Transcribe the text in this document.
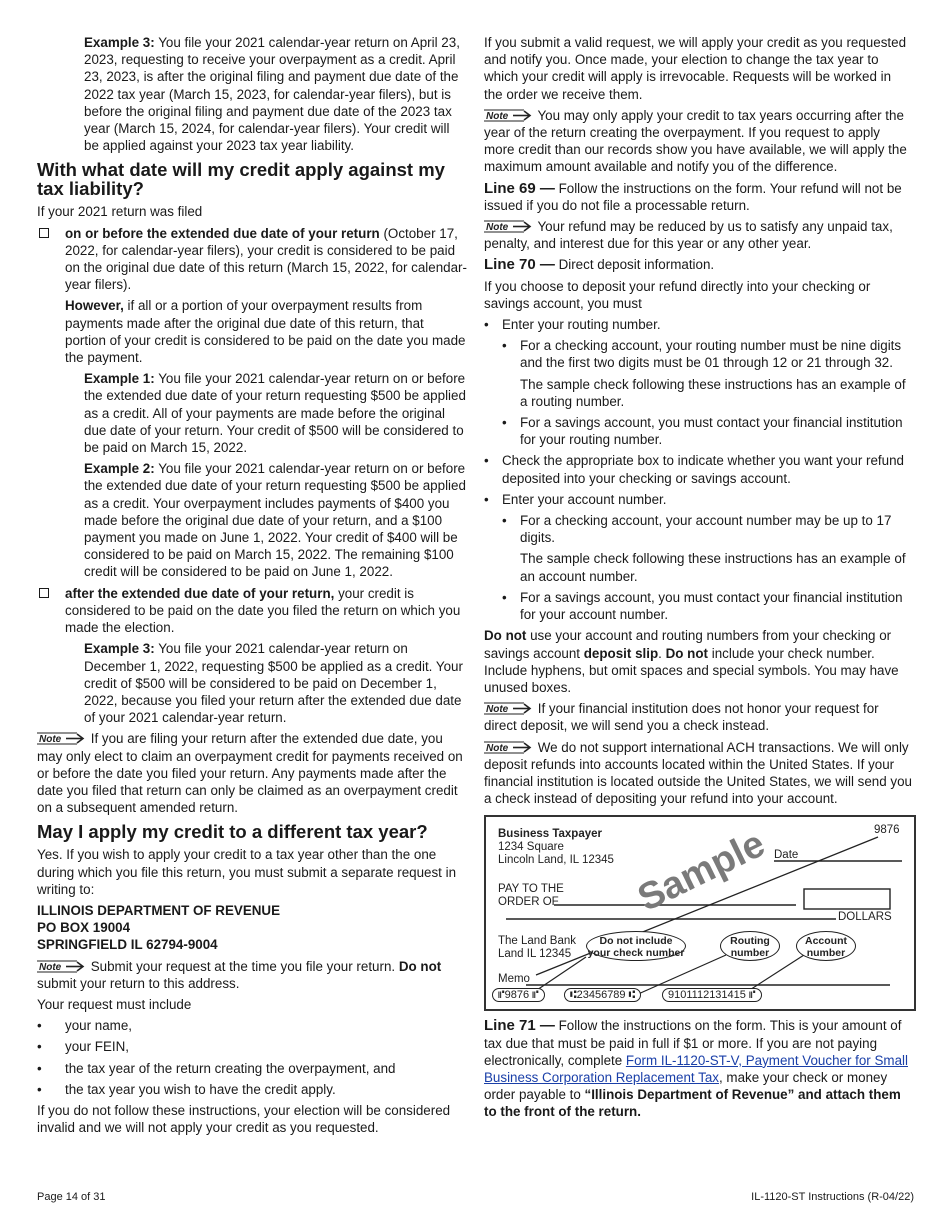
Example 3: You file your 2021 calendar-year return on April 23, 2023, requesting to receive your overpayment as a credit. April 23, 2023, is after the original filing and payment due date of the 2022 tax year (March 15, 2023, for calendar-year filers), but is before the original filing and payment due date of the 2023 tax year (March 15, 2024, for calendar-year filers). Your credit will be applied against your 2023 tax year liability.

With what date will my credit apply against my tax liability?

If your 2021 return was filed

on or before the extended due date of your return (October 17, 2022, for calendar-year filers), your credit is considered to be paid on the original due date of this return (March 15, 2022, for calendar-year filers).

However, if all or a portion of your overpayment results from payments made after the original due date of this return, that portion of your credit is considered to be paid on the date you made the payment.

Example 1: You file your 2021 calendar-year return on or before the extended due date of your return requesting $500 be applied as a credit. All of your payments are made before the original due date of your return. Your credit of $500 will be considered to be paid on March 15, 2022.

Example 2: You file your 2021 calendar-year return on or before the extended due date of your return requesting $500 be applied as a credit. Your overpayment includes payments of $400 you made before the original due date of your return, and a $100 payment you made on June 1, 2022. Your credit of $400 will be considered to be paid on March 15, 2022. The remaining $100 credit will be considered to be paid on June 1, 2022.

after the extended due date of your return, your credit is considered to be paid on the date you filed the return on which you made the election.

Example 3: You file your 2021 calendar-year return on December 1, 2022, requesting $500 be applied as a credit. Your credit of $500 will be considered to be paid on December 1, 2022, because you filed your return after the extended due date of your 2021 calendar-year return.

If you are filing your return after the extended due date, you may only elect to claim an overpayment credit for payments received on or before the date you filed your return. Any payments made after the date you filed that return can only be claimed as an overpayment credit on a subsequent amended return.

May I apply my credit to a different tax year?

Yes. If you wish to apply your credit to a tax year other than the one during which you file this return, you must submit a separate request in writing to:

ILLINOIS DEPARTMENT OF REVENUE
PO BOX 19004
SPRINGFIELD IL 62794-9004

Submit your request at the time you file your return. Do not submit your return to this address.

Your request must include

• your name,
• your FEIN,
• the tax year of the return creating the overpayment, and
• the tax year you wish to have the credit apply.

If you do not follow these instructions, your election will be considered invalid and we will not apply your credit as you requested.

If you submit a valid request, we will apply your credit as you requested and notify you. Once made, your election to change the tax year to which your credit will apply is irrevocable. Requests will be worked in the order we receive them.

You may only apply your credit to tax years occurring after the year of the return creating the overpayment. If you request to apply more credit than our records show you have available, we will apply the maximum amount available and notify you of the difference.

Line 69 — Follow the instructions on the form. Your refund will not be issued if you do not file a processable return.

Your refund may be reduced by us to satisfy any unpaid tax, penalty, and interest due for this year or any other year.

Line 70 — Direct deposit information.

If you choose to deposit your refund directly into your checking or savings account, you must

• Enter your routing number.
• For a checking account, your routing number must be nine digits and the first two digits must be 01 through 12 or 21 through 32.

The sample check following these instructions has an example of a routing number.

• For a savings account, you must contact your financial institution for your routing number.
• Check the appropriate box to indicate whether you want your refund deposited into your checking or savings account.
• Enter your account number.
• For a checking account, your account number may be up to 17 digits.

The sample check following these instructions has an example of an account number.

• For a savings account, you must contact your financial institution for your account number.

Do not use your account and routing numbers from your checking or savings account deposit slip. Do not include your check number. Include hyphens, but omit spaces and special symbols. You may have unused boxes.

If your financial institution does not honor your request for direct deposit, we will send you a check instead.

We do not support international ACH transactions. We will only deposit refunds into accounts located within the United States. If your financial institution is located outside the United States, we will send you a check instead of depositing your refund into your account.

Business Taxpayer
1234 Square
Lincoln Land, IL 12345
9876
Date
PAY TO THE
ORDER OF
DOLLARS
Sample
The Land Bank
Land IL 12345
Do not include your check number
Routing number
Account number
Memo
⑈9876 ⑈	⑆23456789 ⑆	9101112131415 ⑈

Line 71 — Follow the instructions on the form. This is your amount of tax due that must be paid in full if $1 or more. If you are not paying electronically, complete Form IL-1120-ST-V, Payment Voucher for Small Business Corporation Replacement Tax, make your check or money order payable to “Illinois Department of Revenue” and attach them to the front of the return.

Page 14 of 31	IL-1120-ST Instructions (R-04/22)
